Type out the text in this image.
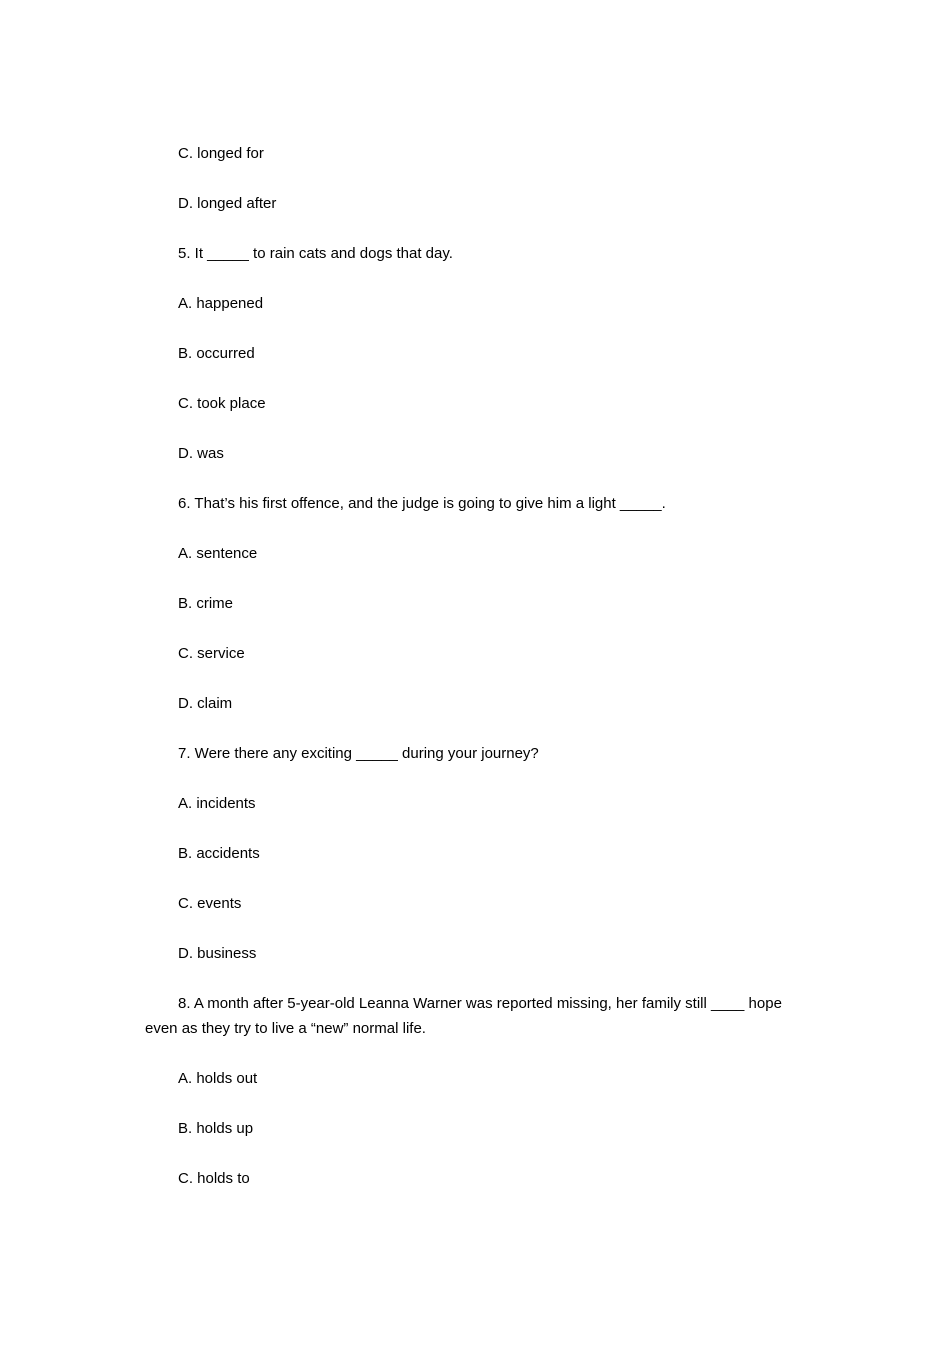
C. longed for

D. longed after

5. It _____ to rain cats and dogs that day.

A. happened

B. occurred

C. took place

D. was

6. That’s his first offence, and the judge is going to give him a light _____.

A. sentence

B. crime

C. service

D. claim

7. Were there any exciting _____ during your journey?

A. incidents

B. accidents

C. events

D. business

8. A month after 5-year-old Leanna Warner was reported missing, her family still ____ hope even as they try to live a “new” normal life.

A. holds out

B. holds up

C. holds to
